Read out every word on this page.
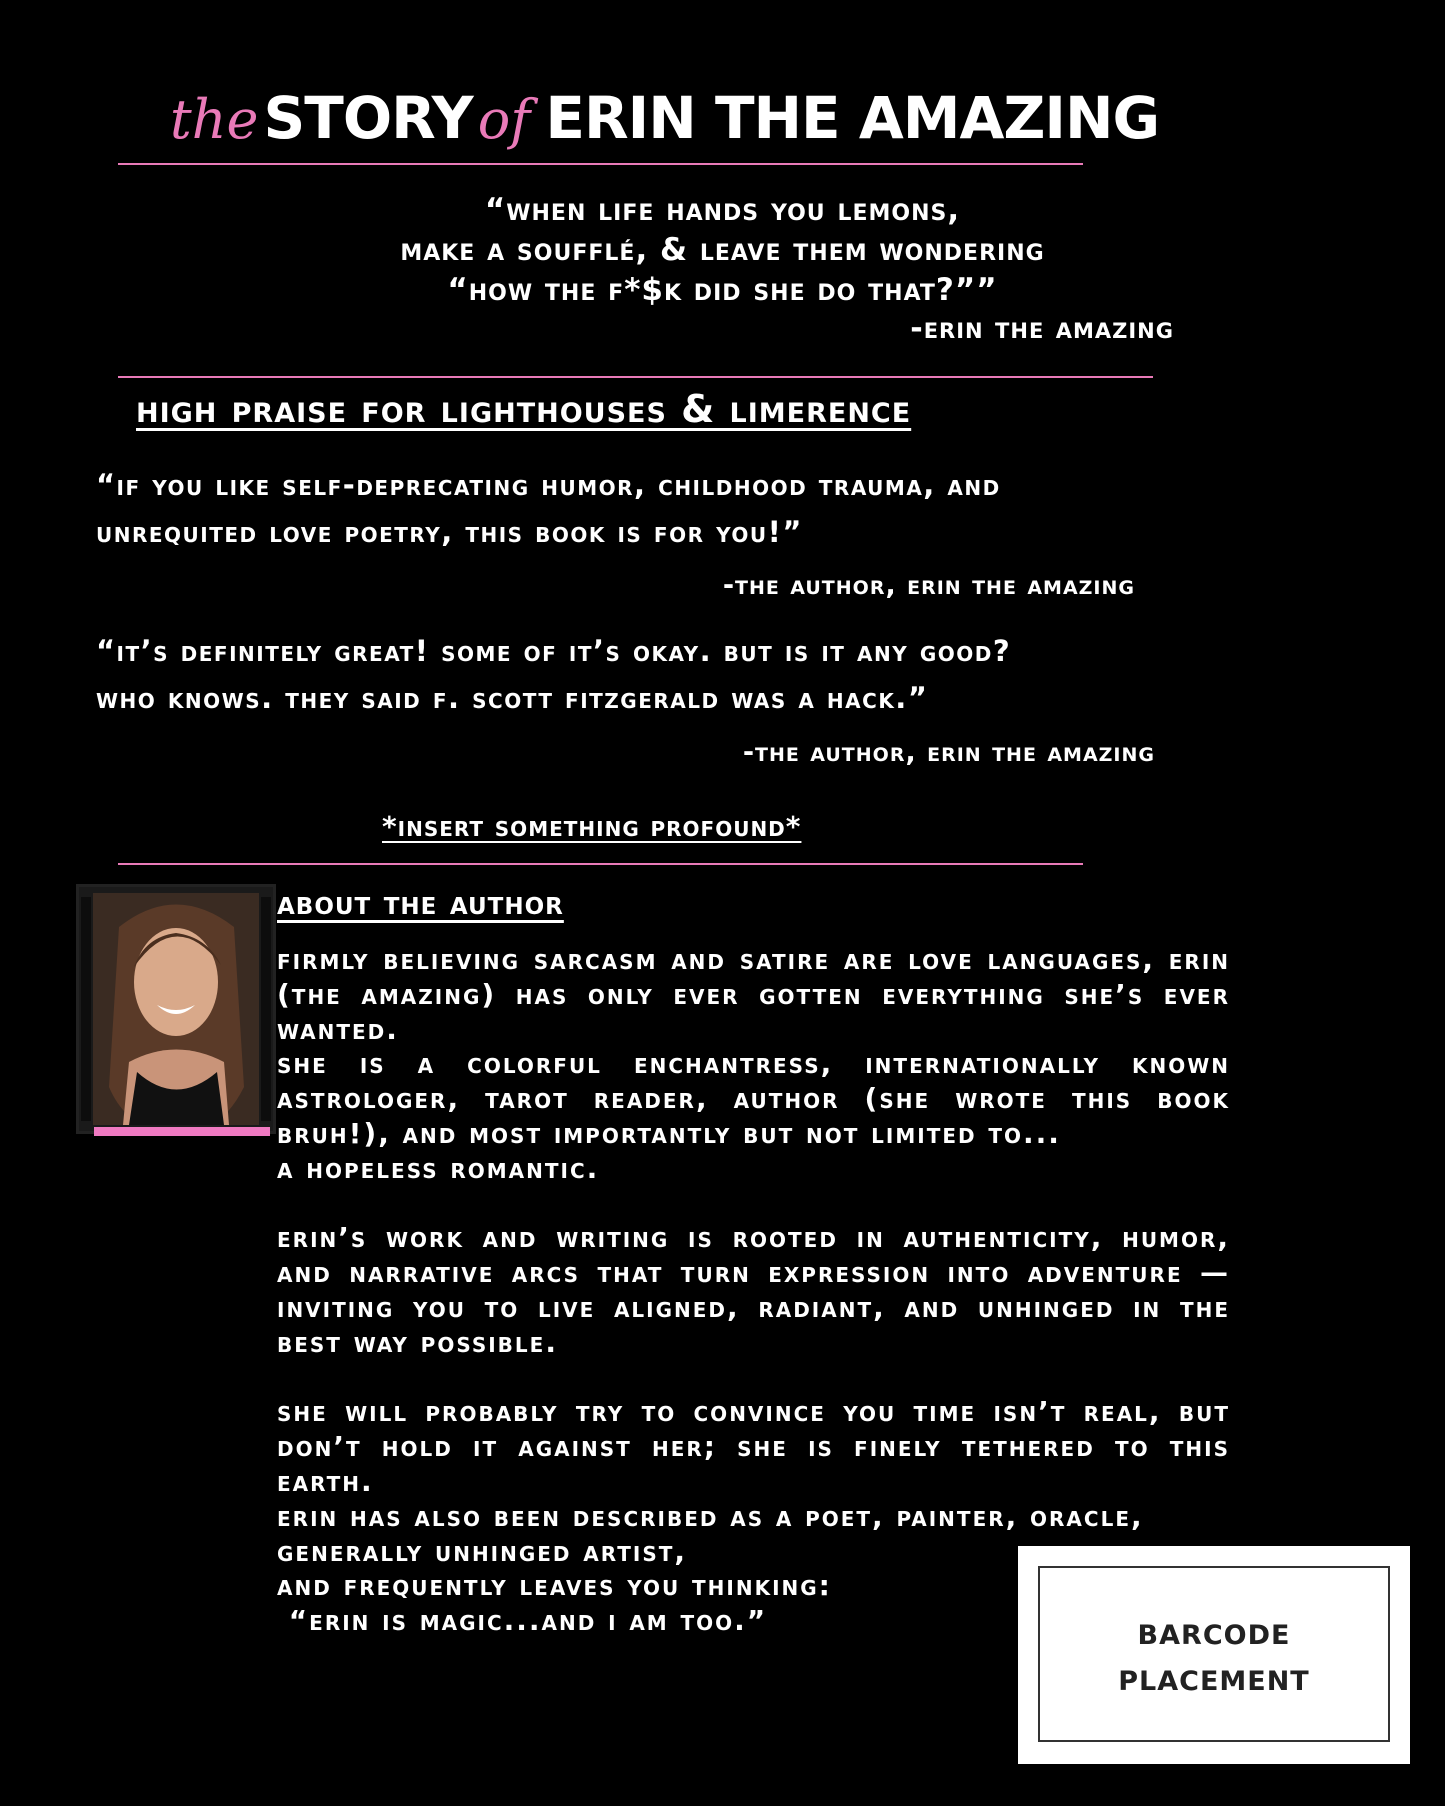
the STORY of ERIN THE AMAZING
“when life hands you lemons,
make a soufflé, & leave them wondering
“how the f*$k did she do that?””
-erin the amazing
high praise for lighthouses & limerence
“if you like self-deprecating humor, childhood trauma, and
unrequited love poetry, this book is for you!”
-the author, erin the amazing
“it’s definitely great! some of it’s okay. but is it any good?
who knows. they said f. scott fitzgerald was a hack.”
-the author, erin the amazing
*insert something profound*
about the author

firmly believing sarcasm and satire are love languages, erin (the amazing) has only ever gotten everything she’s ever wanted.

she is a colorful enchantress, internationally known astrologer, tarot reader, author (she wrote this book bruh!), and most importantly but not limited to...

a hopeless romantic.

erin’s work and writing is rooted in authenticity, humor, and narrative arcs that turn expression into adventure — inviting you to live aligned, radiant, and unhinged in the best way possible.

she will probably try to convince you time isn’t real, but don’t hold it against her; she is finely tethered to this earth.

erin has also been described as a poet, painter, oracle,

generally unhinged artist,

and frequently leaves you thinking:

“erin is magic...and i am too.”	barcode
placement
